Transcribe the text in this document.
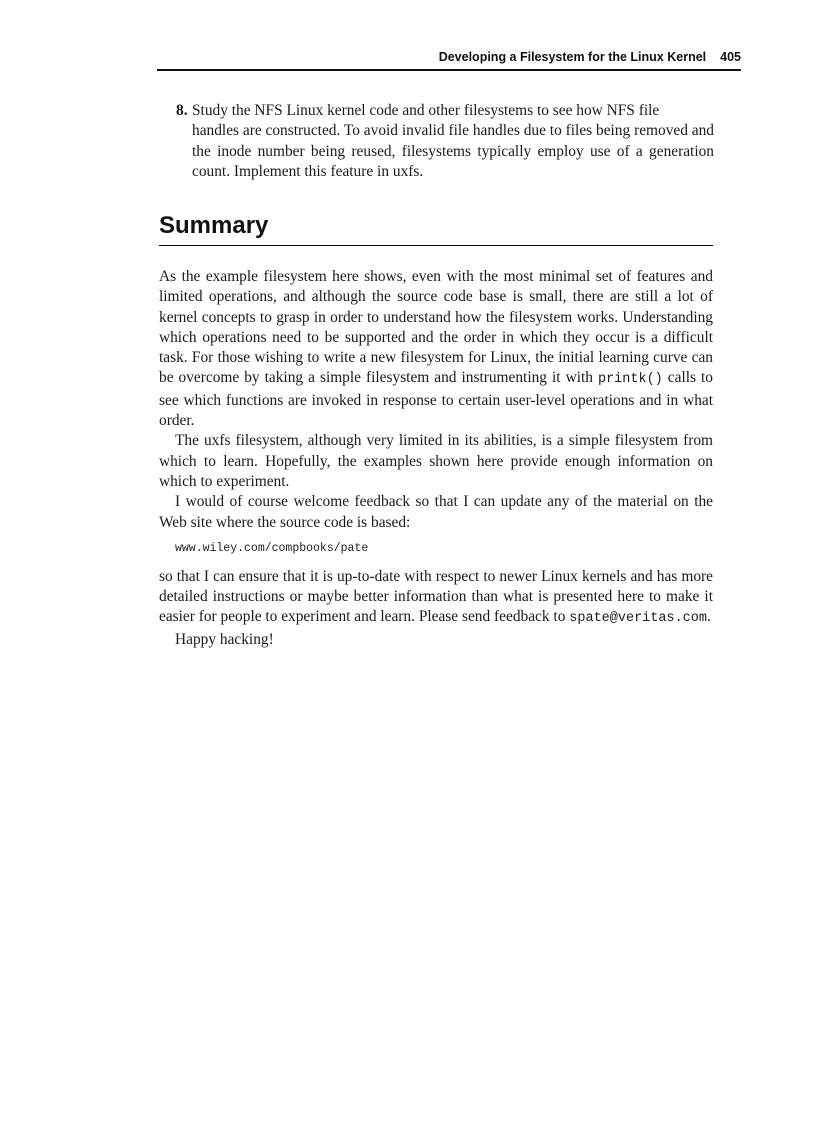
Developing a Filesystem for the Linux Kernel 405
8. Study the NFS Linux kernel code and other filesystems to see how NFS file
handles are constructed. To avoid invalid file handles due to files being removed and the inode number being reused, filesystems typically employ use of a generation count. Implement this feature in uxfs.
Summary

As the example filesystem here shows, even with the most minimal set of features and limited operations, and although the source code base is small, there are still a lot of kernel concepts to grasp in order to understand how the filesystem works. Understanding which operations need to be supported and the order in which they occur is a difficult task. For those wishing to write a new filesystem for Linux, the initial learning curve can be overcome by taking a simple filesystem and instrumenting it with printk() calls to see which functions are invoked in response to certain user-level operations and in what order.

The uxfs filesystem, although very limited in its abilities, is a simple filesystem from which to learn. Hopefully, the examples shown here provide enough information on which to experiment.

I would of course welcome feedback so that I can update any of the material on the Web site where the source code is based:

www.wiley.com/compbooks/pate

so that I can ensure that it is up-to-date with respect to newer Linux kernels and has more detailed instructions or maybe better information than what is presented here to make it easier for people to experiment and learn. Please send feedback to spate@veritas.com.

Happy hacking!
